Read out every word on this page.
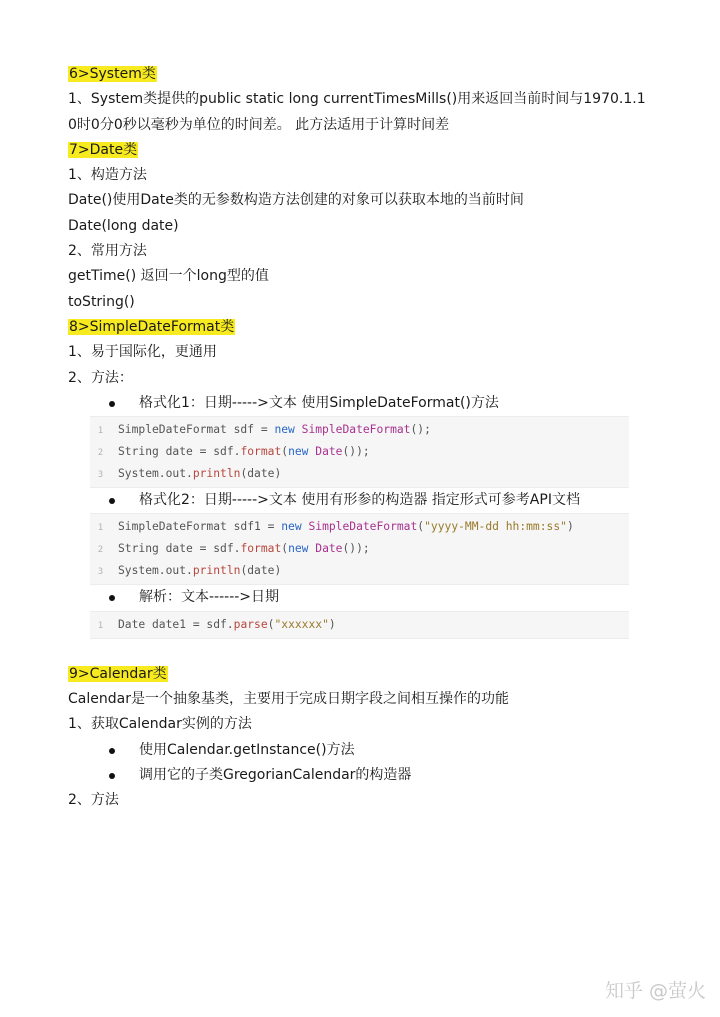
6>System类
1、System类提供的public static long currentTimesMills()用来返回当前时间与1970.1.1
0时0分0秒以毫秒为单位的时间差。 此方法适用于计算时间差
7>Date类
1、构造方法
Date()使用Date类的无参数构造方法创建的对象可以获取本地的当前时间
Date(long date)
2、常用方法
getTime() 返回一个long型的值
toString()
8>SimpleDateFormat类
1、易于国际化，更通用
2、方法：
格式化1：日期----->文本 使用SimpleDateFormat()方法
1 SimpleDateFormat sdf = new SimpleDateFormat();
2 String date = sdf.format(new Date());
3 System.out.println(date)
格式化2：日期----->文本 使用有形参的构造器 指定形式可参考API文档
1 SimpleDateFormat sdf1 = new SimpleDateFormat("yyyy-MM-dd hh:mm:ss")
2 String date = sdf.format(new Date());
3 System.out.println(date)
解析：文本------>日期
1 Date date1 = sdf.parse("xxxxxx")
9>Calendar类
Calendar是一个抽象基类，主要用于完成日期字段之间相互操作的功能
1、获取Calendar实例的方法
使用Calendar.getInstance()方法
调用它的子类GregorianCalendar的构造器
2、方法
知乎 @萤火
